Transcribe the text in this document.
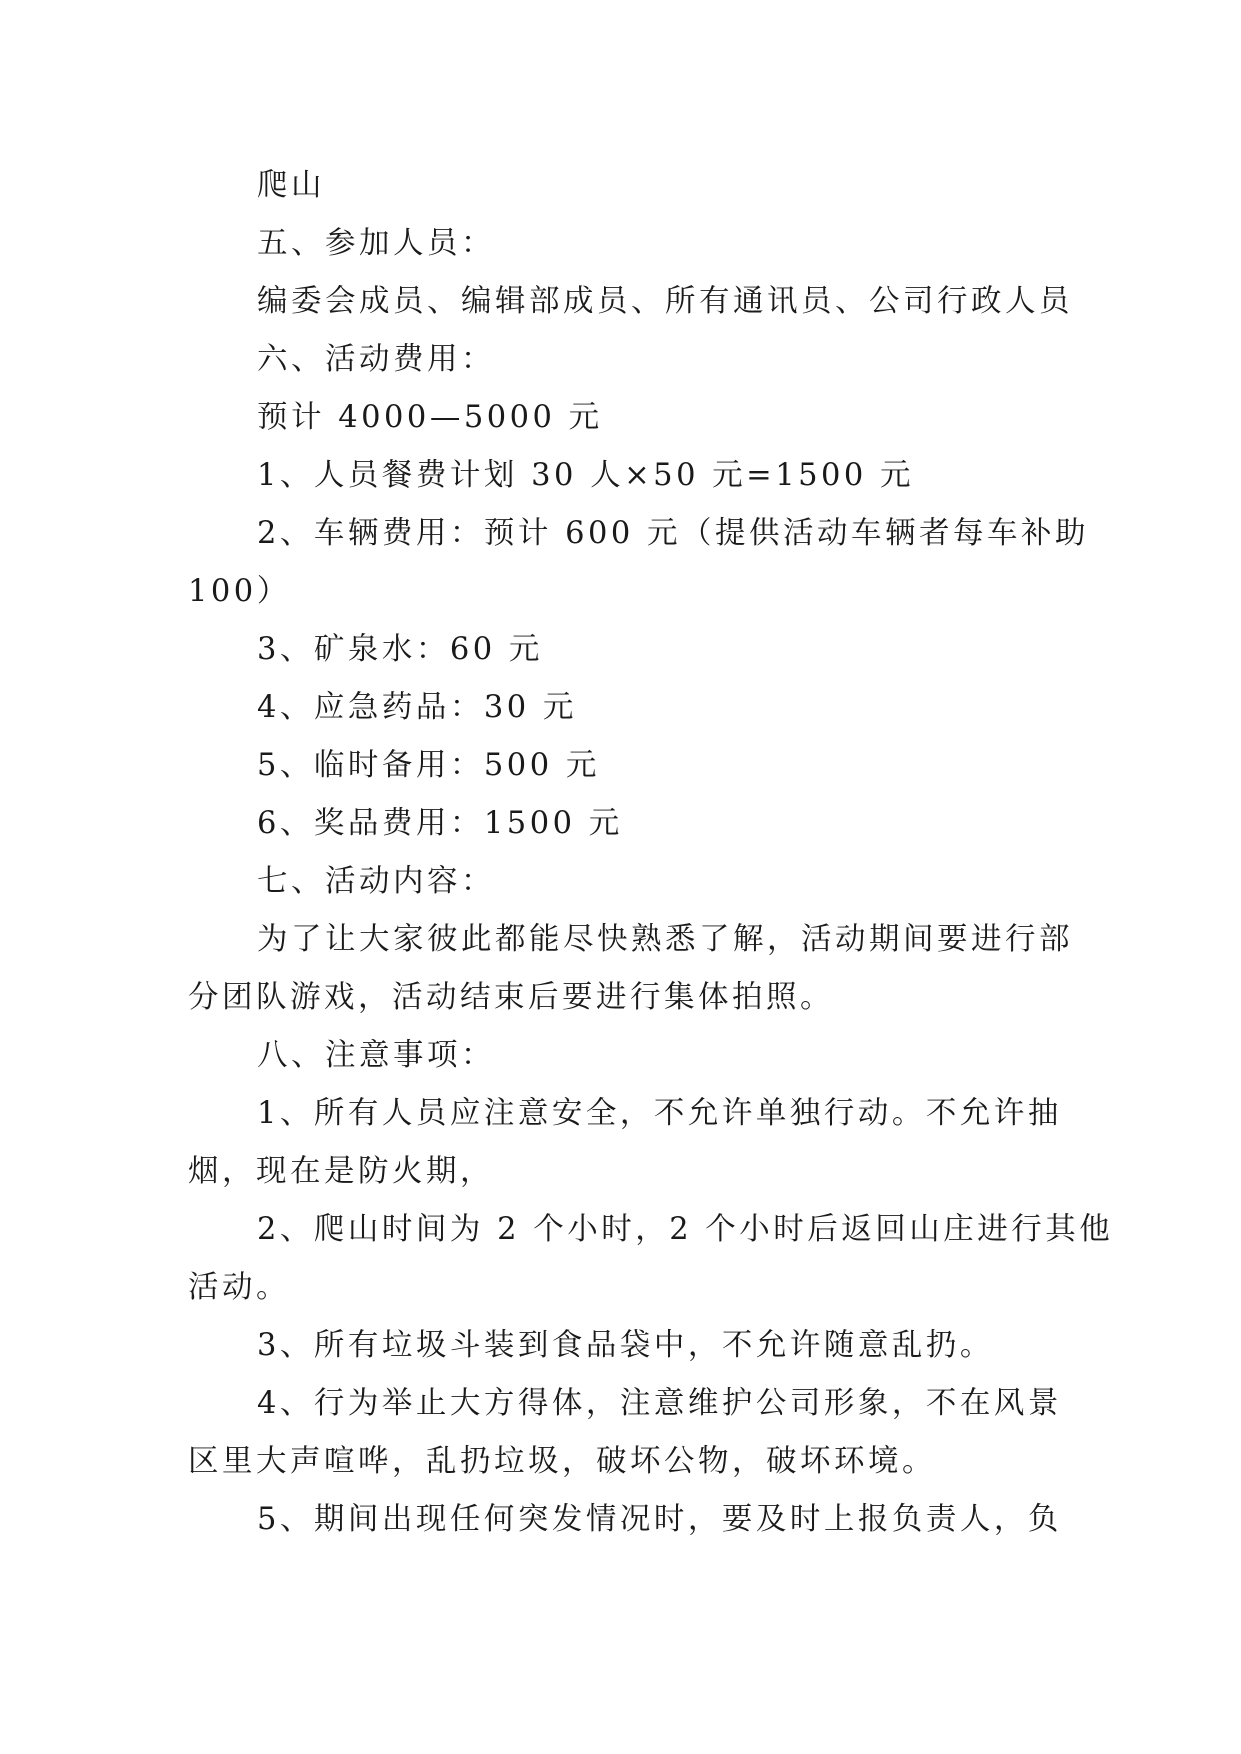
爬山
五、参加人员：
编委会成员、编辑部成员、所有通讯员、公司行政人员
六、活动费用：
预计 4000—5000 元
1、人员餐费计划 30 人×50 元=1500 元
2、车辆费用：预计 600 元（提供活动车辆者每车补助
100）
3、矿泉水：60 元
4、应急药品：30 元
5、临时备用：500 元
6、奖品费用：1500 元
七、活动内容：
为了让大家彼此都能尽快熟悉了解，活动期间要进行部
分团队游戏，活动结束后要进行集体拍照。
八、注意事项：
1、所有人员应注意安全，不允许单独行动。不允许抽
烟，现在是防火期，
2、爬山时间为 2 个小时，2 个小时后返回山庄进行其他
活动。
3、所有垃圾斗装到食品袋中，不允许随意乱扔。
4、行为举止大方得体，注意维护公司形象，不在风景
区里大声喧哗，乱扔垃圾，破坏公物，破坏环境。
5、期间出现任何突发情况时，要及时上报负责人，负
